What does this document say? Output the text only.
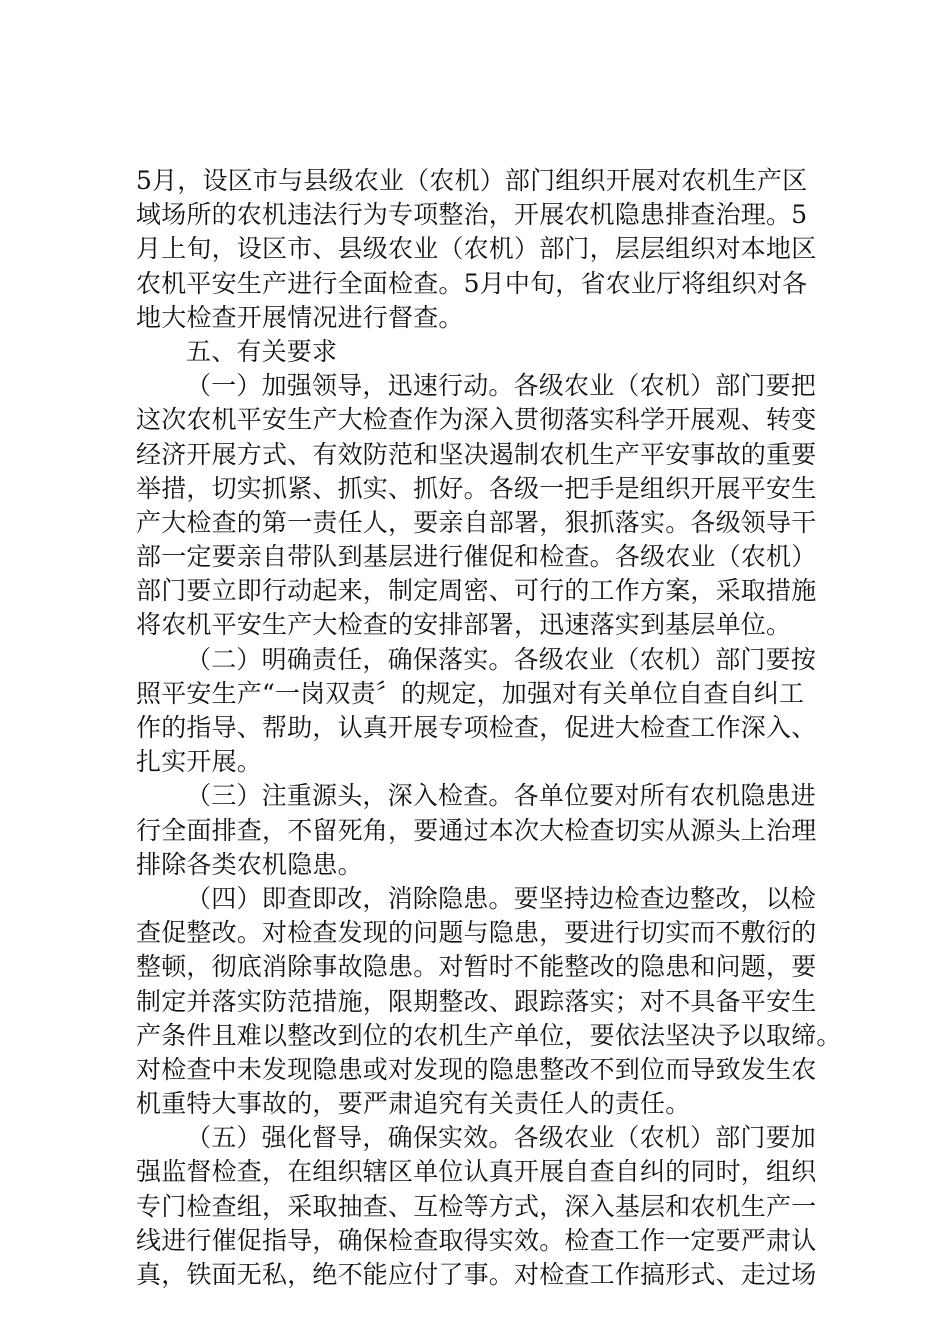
5月，设区市与县级农业（农机）部门组织开展对农机生产区
域场所的农机违法行为专项整治，开展农机隐患排查治理。5
月上旬，设区市、县级农业（农机）部门，层层组织对本地区
农机平安生产进行全面检查。5月中旬，省农业厅将组织对各
地大检查开展情况进行督查。
五、有关要求
（一）加强领导，迅速行动。各级农业（农机）部门要把
这次农机平安生产大检查作为深入贯彻落实科学开展观、转变
经济开展方式、有效防范和坚决遏制农机生产平安事故的重要
举措，切实抓紧、抓实、抓好。各级一把手是组织开展平安生
产大检查的第一责任人，要亲自部署，狠抓落实。各级领导干
部一定要亲自带队到基层进行催促和检查。各级农业（农机）
部门要立即行动起来，制定周密、可行的工作方案，采取措施
将农机平安生产大检查的安排部署，迅速落实到基层单位。
（二）明确责任，确保落实。各级农业（农机）部门要按
照平安生产“一岗双责〞的规定，加强对有关单位自查自纠工
作的指导、帮助，认真开展专项检查，促进大检查工作深入、
扎实开展。
（三）注重源头，深入检查。各单位要对所有农机隐患进
行全面排查，不留死角，要通过本次大检查切实从源头上治理
排除各类农机隐患。
（四）即查即改，消除隐患。要坚持边检查边整改，以检
查促整改。对检查发现的问题与隐患，要进行切实而不敷衍的
整顿，彻底消除事故隐患。对暂时不能整改的隐患和问题，要
制定并落实防范措施，限期整改、跟踪落实；对不具备平安生
产条件且难以整改到位的农机生产单位，要依法坚决予以取缔。
对检查中未发现隐患或对发现的隐患整改不到位而导致发生农
机重特大事故的，要严肃追究有关责任人的责任。
（五）强化督导，确保实效。各级农业（农机）部门要加
强监督检查，在组织辖区单位认真开展自查自纠的同时，组织
专门检查组，采取抽查、互检等方式，深入基层和农机生产一
线进行催促指导，确保检查取得实效。检查工作一定要严肃认
真，铁面无私，绝不能应付了事。对检查工作搞形式、走过场
